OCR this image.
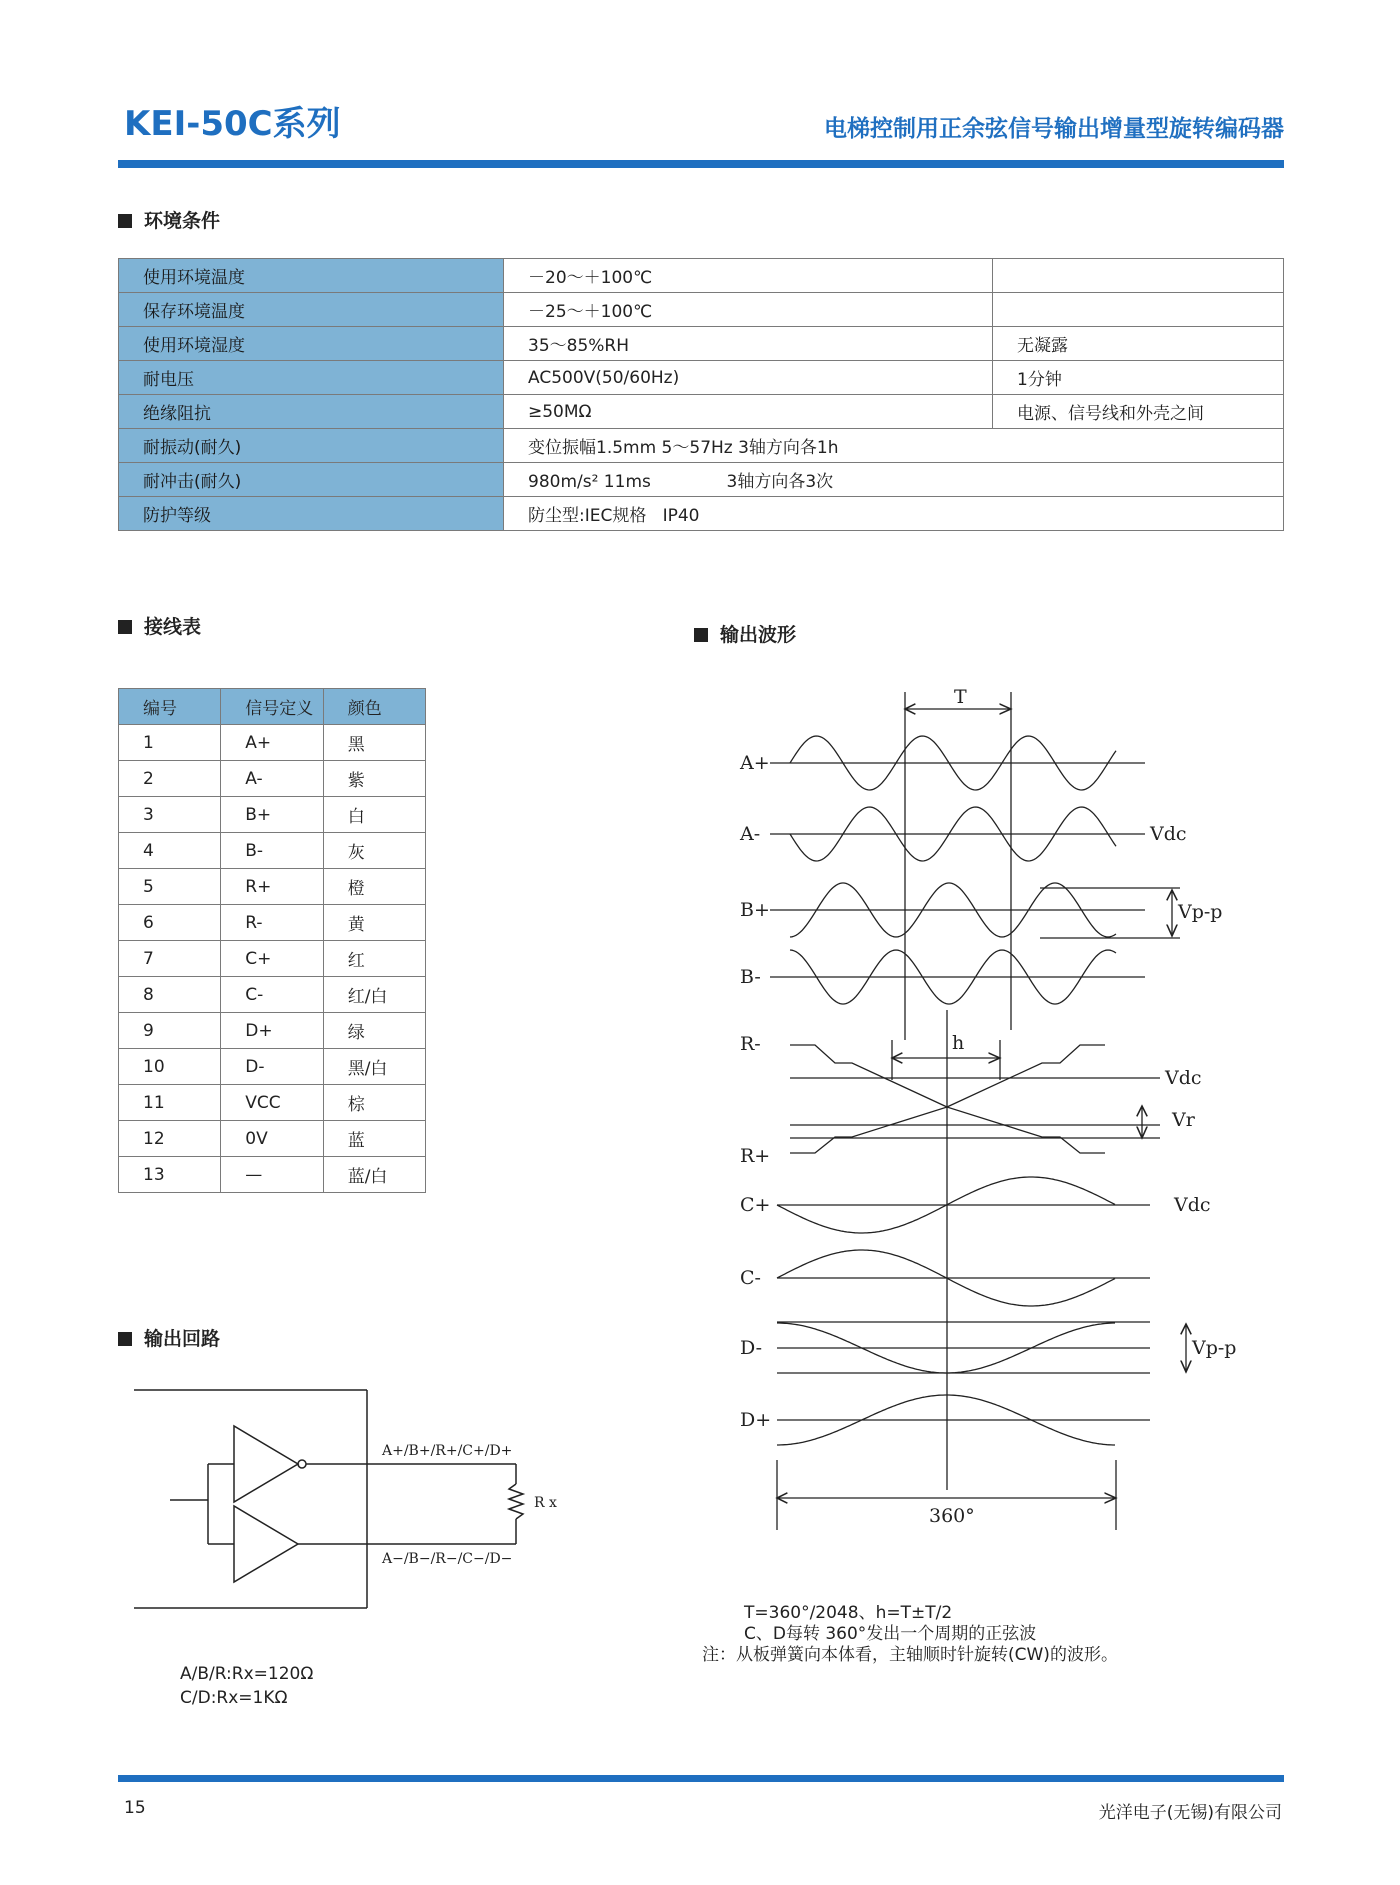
KEI-50C系列	电梯控制用正余弦信号输出增量型旋转编码器
环境条件
使用环境温度	－20～＋100℃	
保存环境温度	－25～＋100℃	
使用环境湿度	35～85%RH	无凝露
耐电压	AC500V(50/60Hz)	1分钟
绝缘阻抗	≥50MΩ	电源、信号线和外壳之间
耐振动(耐久)	变位振幅1.5mm 5～57Hz 3轴方向各1h	
耐冲击(耐久)	980m/s² 11ms              3轴方向各3次	
防护等级	防尘型:IEC规格   IP40	
接线表
编号	信号定义	颜色
1	A+	黑
2	A-	紫
3	B+	白
4	B-	灰
5	R+	橙
6	R-	黄
7	C+	红
8	C-	红/白
9	D+	绿
10	D-	黑/白
11	VCC	棕
12	0V	蓝
13	—	蓝/白
输出波形
T
A+
A-	Vdc
B+	Vp-p
B-
R-	h
Vdc
Vr
R+
C+	Vdc
C-
D-	Vp-p
D+
360°
A+/B+/R+/C+/D+
A−/B−/R−/C−/D−
R x
T=360°/2048、h=T±T/2
C、D每转 360°发出一个周期的正弦波
注：从板弹簧向本体看，主轴顺时针旋转(CW)的波形。
输出回路
A/B/R:Rx=120Ω
C/D:Rx=1KΩ
15	光洋电子(无锡)有限公司
